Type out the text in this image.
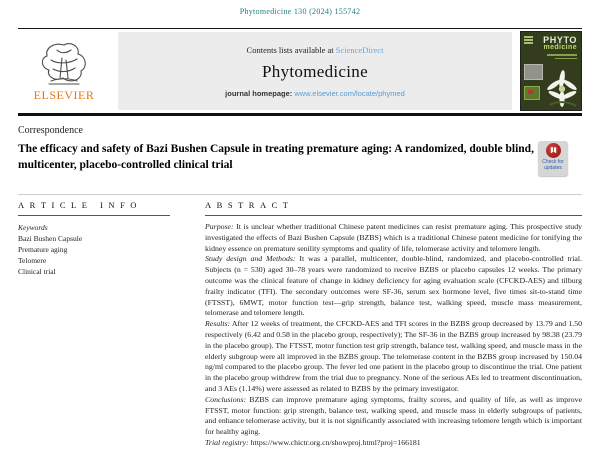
Phytomedicine 130 (2024) 155742
ELSEVIER
Contents lists available at ScienceDirect
Phytomedicine
journal homepage: www.elsevier.com/locate/phymed
PHYTO

medicine
Correspondence
The efficacy and safety of Bazi Bushen Capsule in treating premature aging: A randomized, double blind, multicenter, placebo-controlled clinical trial	Check for updates
A R T I C L E   I N F O
Keywords
Bazi Bushen Capsule
Premature aging
Telomere
Clinical trial
A B S T R A C T

Purpose: It is unclear whether traditional Chinese patent medicines can resist premature aging. This prospective study investigated the effects of Bazi Bushen Capsule (BZBS) which is a traditional Chinese patent medicine for tonifying the kidney essence on premature senility symptoms and quality of life, telomerase activity and telomere length.

Study design and Methods: It was a parallel, multicenter, double-blind, randomized, and placebo-controlled trial. Subjects (n = 530) aged 30–78 years were randomized to receive BZBS or placebo capsules 12 weeks. The primary outcome was the clinical feature of change in kidney deficiency for aging evaluation scale (CFCKD-AES) and tilburg frailty indicator (TFI). The secondary outcomes were SF-36, serum sex hormone level, five times sit-to-stand time (FTSST), 6MWT, motor function test—grip strength, balance test, walking speed, muscle mass measurement, telomerase and telomere length.

Results: After 12 weeks of treatment, the CFCKD-AES and TFI scores in the BZBS group decreased by 13.79 and 1.50 respectively (6.42 and 0.58 in the placebo group, respectively); The SF-36 in the BZBS group increased by 98.38 (23.79 in the placebo group). The FTSST, motor function test grip strength, balance test, walking speed, and muscle mass in the elderly subgroup were all improved in the BZBS group. The telomerase content in the BZBS group increased by 150.04 ng/ml compared to the placebo group. The fever led one patient in the placebo group to discontinue the trial. One patient in the placebo group withdrew from the trial due to pregnancy. None of the serious AEs led to treatment discontinuation, and 3 AEs (1.14%) were assessed as related to BZBS by the primary investigator.

Conclusions: BZBS can improve premature aging symptoms, frailty scores, and quality of life, as well as improve FTSST, motor function: grip strength, balance test, walking speed, and muscle mass in elderly subgroups of patients, and enhance telomerase activity, but it is not significantly associated with increasing telomere length which is important for healthy aging.

Trial registry: https://www.chictr.org.cn/showproj.html?proj=166181
